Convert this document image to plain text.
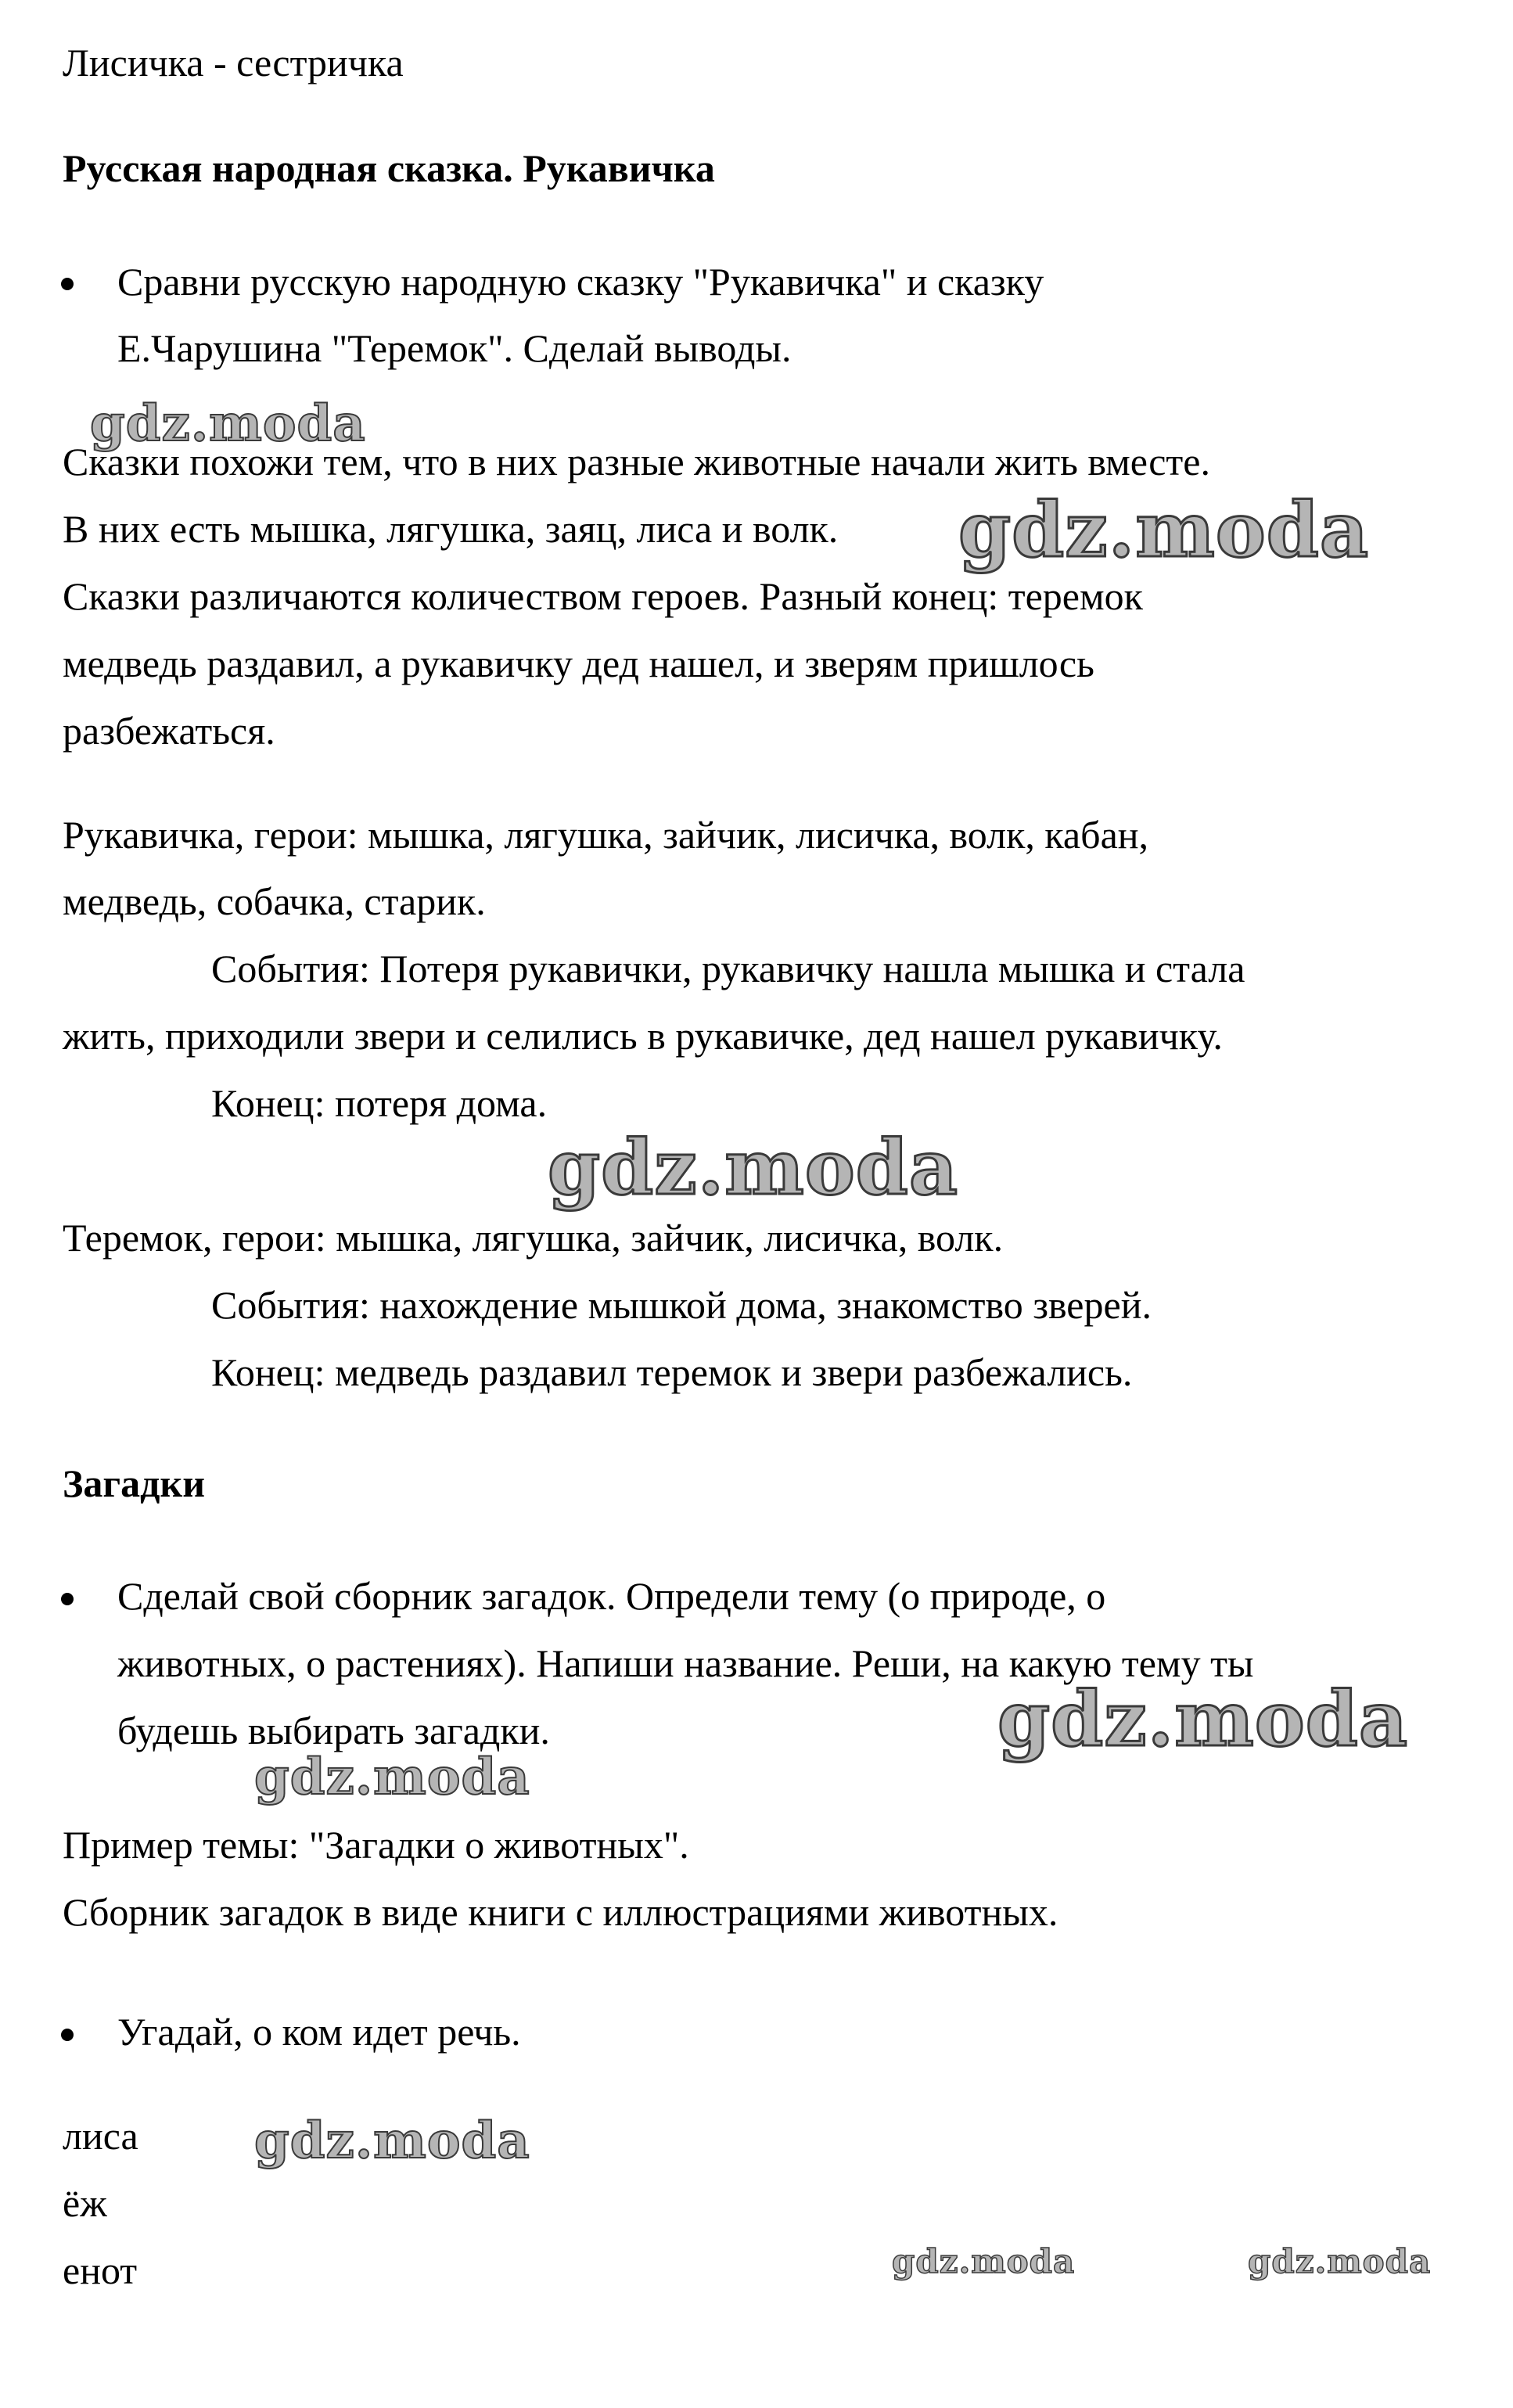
Лисичка - сестричка

Русская народная сказка. Рукавичка

Сравни русскую народную сказку "Рукавичка" и сказку

Е.Чарушина "Теремок". Сделай выводы.

Сказки похожи тем, что в них разные животные начали жить вместе.

В них есть мышка, лягушка, заяц, лиса и волк.

Сказки различаются количеством героев. Разный конец: теремок

медведь раздавил, а рукавичку дед нашел, и зверям пришлось

разбежаться.

Рукавичка, герои: мышка, лягушка, зайчик, лисичка, волк, кабан,

медведь, собачка, старик.

События: Потеря рукавички, рукавичку нашла мышка и стала

жить, приходили звери и селились в рукавичке, дед нашел рукавичку.

Конец: потеря дома.

Теремок, герои: мышка, лягушка, зайчик, лисичка, волк.

События: нахождение мышкой дома, знакомство зверей.

Конец: медведь раздавил теремок и звери разбежались.

Загадки

Сделай свой сборник загадок. Определи тему (о природе, о

животных, о растениях). Напиши название. Реши, на какую тему ты

будешь выбирать загадки.

Пример темы: "Загадки о животных".

Сборник загадок в виде книги с иллюстрациями животных.

Угадай, о ком идет речь.

лиса

ёж

енот

gdz.moda
gdz.moda
gdz.moda
gdz.moda
gdz.moda
gdz.moda
gdz.moda	gdz.moda
